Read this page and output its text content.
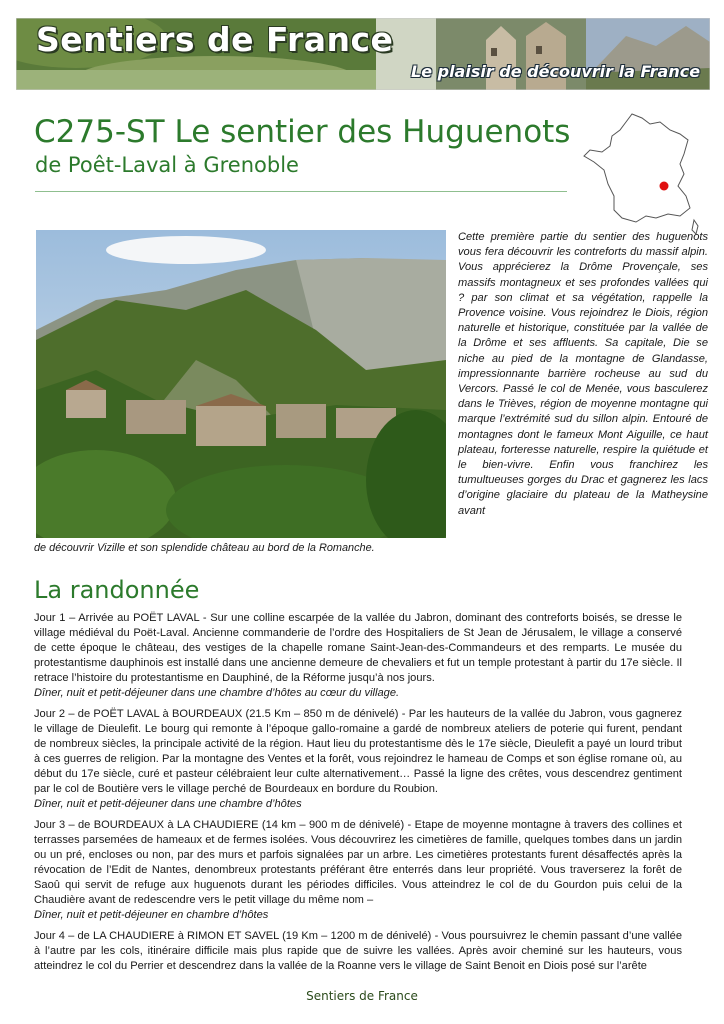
Sentiers de France
Le plaisir de découvrir la France
C275-ST Le sentier des Huguenots
de Poêt-Laval à Grenoble

Cette première partie du sentier des huguenots vous fera découvrir les contreforts du massif alpin. Vous apprécierez la Drôme Provençale, ses massifs montagneux et ses profondes vallées qui ? par son climat et sa végétation, rappelle la Provence voisine. Vous rejoindrez le Diois, région naturelle et historique, constituée par la vallée de la Drôme et ses affluents. Sa capitale, Die se niche au pied de la montagne de Glandasse, impressionnante barrière rocheuse au sud du Vercors. Passé le col de Menée, vous basculerez dans le Trièves, région de moyenne montagne qui marque l’extrémité sud du sillon alpin. Entouré de montagnes dont le fameux Mont Aiguille, ce haut plateau, forteresse naturelle, respire la quiétude et le bien-vivre. Enfin vous franchirez les tumultueuses gorges du Drac et gagnerez les lacs d’origine glaciaire du plateau de la Matheysine avant

de découvrir Vizille et son splendide château au bord de la Romanche.

La randonnée

Jour 1 – Arrivée au POËT LAVAL - Sur une colline escarpée de la vallée du Jabron, dominant des contreforts boisés, se dresse le village médiéval du Poët-Laval. Ancienne commanderie de l’ordre des Hospitaliers de St Jean de Jérusalem, le village a conservé de cette époque le château, des vestiges de la chapelle romane Saint-Jean-des-Commandeurs et des remparts. Le musée du protestantisme dauphinois est installé dans une ancienne demeure de chevaliers et fut un temple protestant à partir du 17e siècle. Il retrace l’histoire du protestantisme en Dauphiné, de la Réforme jusqu’à nos jours.
Dîner, nuit et petit-déjeuner dans une chambre d’hôtes au cœur du village.

Jour 2 – de POËT LAVAL à BOURDEAUX (21.5 Km – 850 m de dénivelé) - Par les hauteurs de la vallée du Jabron, vous gagnerez le village de Dieulefit. Le bourg qui remonte à l’époque gallo-romaine a gardé de nombreux ateliers de poterie qui furent, pendant de nombreux siècles, la principale activité de la région. Haut lieu du protestantisme dès le 17e siècle, Dieulefit a payé un lourd tribut à ces guerres de religion. Par la montagne des Ventes et la forêt, vous rejoindrez le hameau de Comps et son église romane où, au début du 17e siècle, curé et pasteur célébraient leur culte alternativement… Passé la ligne des crêtes, vous descendrez gentiment par le col de Boutière vers le village perché de Bourdeaux en bordure du Roubion.
Dîner, nuit et petit-déjeuner dans une chambre d’hôtes

Jour 3 – de BOURDEAUX à LA CHAUDIERE (14 km – 900 m de dénivelé) - Etape de moyenne montagne à travers des collines et terrasses parsemées de hameaux et de fermes isolées. Vous découvrirez les cimetières de famille, quelques tombes dans un jardin ou un pré, encloses ou non, par des murs et parfois signalées par un arbre. Les cimetières protestants furent désaffectés après la révocation de l’Edit de Nantes, denombreux protestants préférant être enterrés dans leur propriété. Vous traverserez la forêt de Saoû qui servit de refuge aux huguenots durant les périodes difficiles. Vous atteindrez le col de du Gourdon puis celui de la Chaudière avant de redescendre vers le petit village du même nom –
Dîner, nuit et petit-déjeuner en chambre d’hôtes

Jour 4 – de LA CHAUDIERE à RIMON ET SAVEL (19 Km – 1200 m de dénivelé) - Vous poursuivrez le chemin passant d’une vallée à l’autre par les cols, itinéraire difficile mais plus rapide que de suivre les vallées. Après avoir cheminé sur les hauteurs, vous atteindrez le col du Perrier et descendrez dans la vallée de la Roanne vers le village de Saint Benoit en Diois posé sur l’arête

Sentiers de France
